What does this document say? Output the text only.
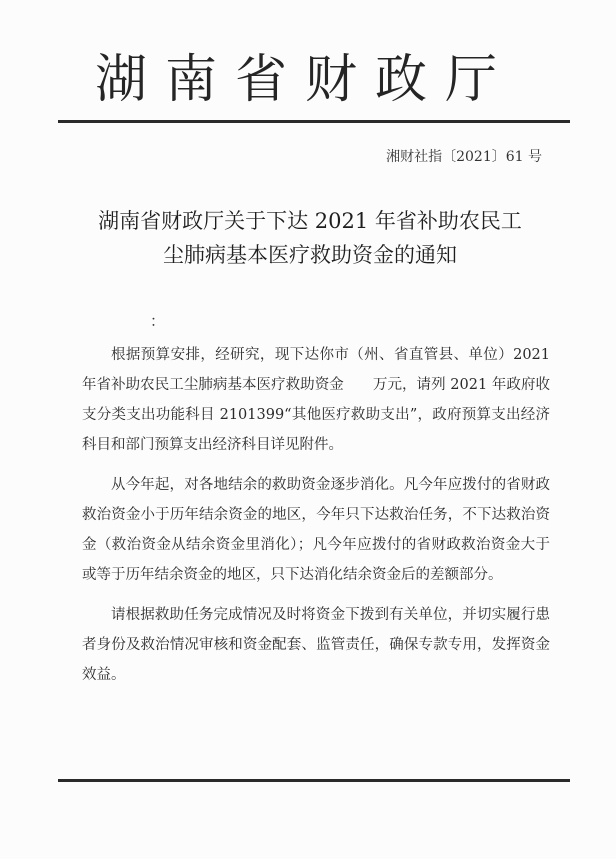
湖南省财政厅
湘财社指〔2021〕61 号
湖南省财政厅关于下达 2021 年省补助农民工
尘肺病基本医疗救助资金的通知
：

根据预算安排，经研究，现下达你市（州、省直管县、单位）2021 年省补助农民工尘肺病基本医疗救助资金　　万元，请列 2021 年政府收支分类支出功能科目 2101399“其他医疗救助支出”，政府预算支出经济科目和部门预算支出经济科目详见附件。

从今年起，对各地结余的救助资金逐步消化。凡今年应拨付的省财政救治资金小于历年结余资金的地区，今年只下达救治任务，不下达救治资金（救治资金从结余资金里消化）；凡今年应拨付的省财政救治资金大于或等于历年结余资金的地区，只下达消化结余资金后的差额部分。

请根据救助任务完成情况及时将资金下拨到有关单位，并切实履行患者身份及救治情况审核和资金配套、监管责任，确保专款专用，发挥资金效益。
